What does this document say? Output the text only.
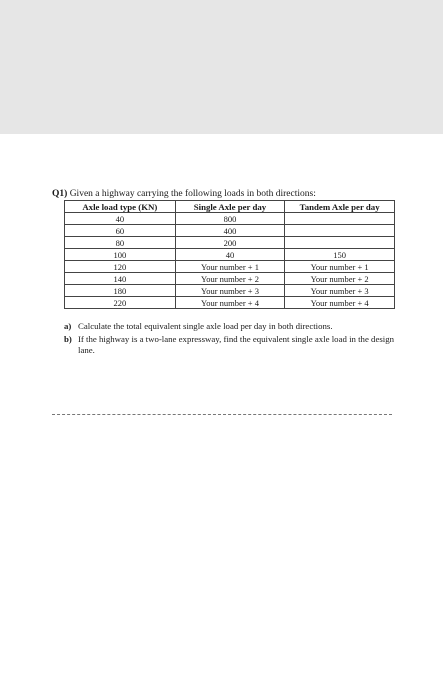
Q1) Given a highway carrying the following loads in both directions:
Axle load type (KN)	Single Axle per day	Tandem Axle per day
40	800	
60	400	
80	200	
100	40	150
120	Your number + 1	Your number + 1
140	Your number + 2	Your number + 2
180	Your number + 3	Your number + 3
220	Your number + 4	Your number + 4
a) Calculate the total equivalent single axle load per day in both directions.
b) If the highway is a two-lane expressway, find the equivalent single axle load in the design lane.
